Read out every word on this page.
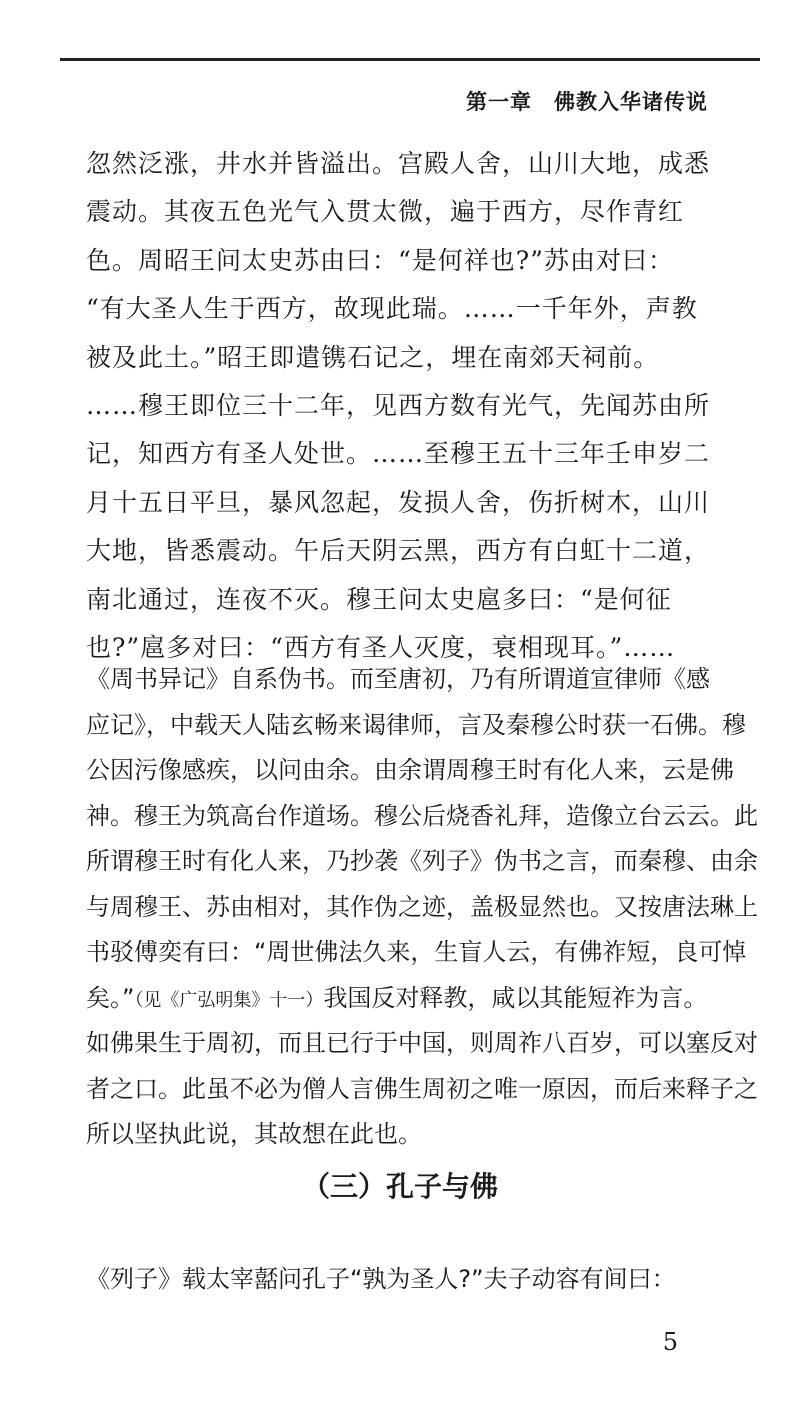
第一章　佛教入华诸传说
忽然泛涨，井水并皆溢出。宫殿人舍，山川大地，成悉
震动。其夜五色光气入贯太微，遍于西方，尽作青红
色。周昭王问太史苏由曰：“是何祥也?”苏由对曰：
“有大圣人生于西方，故现此瑞。……一千年外，声教
被及此土。”昭王即遣镌石记之，埋在南郊天祠前。
……穆王即位三十二年，见西方数有光气，先闻苏由所
记，知西方有圣人处世。……至穆王五十三年壬申岁二
月十五日平旦，暴风忽起，发损人舍，伤折树木，山川
大地，皆悉震动。午后天阴云黑，西方有白虹十二道，
南北通过，连夜不灭。穆王问太史扈多曰：“是何征
也?”扈多对曰：“西方有圣人灭度，衰相现耳。”……
《周书异记》自系伪书。而至唐初，乃有所谓道宣律师《感
应记》，中载天人陆玄畅来谒律师，言及秦穆公时获一石佛。穆
公因污像感疾，以问由余。由余谓周穆王时有化人来，云是佛
神。穆王为筑高台作道场。穆公后烧香礼拜，造像立台云云。此
所谓穆王时有化人来，乃抄袭《列子》伪书之言，而秦穆、由余
与周穆王、苏由相对，其作伪之迹，盖极显然也。又按唐法琳上
书驳傅奕有曰：“周世佛法久来，生盲人云，有佛祚短，良可悼
矣。”（见《广弘明集》十一）我国反对释教，咸以其能短祚为言。
如佛果生于周初，而且已行于中国，则周祚八百岁，可以塞反对
者之口。此虽不必为僧人言佛生周初之唯一原因，而后来释子之
所以坚执此说，其故想在此也。
（三）孔子与佛
《列子》载太宰嚭问孔子“孰为圣人?”夫子动容有间曰：
5
